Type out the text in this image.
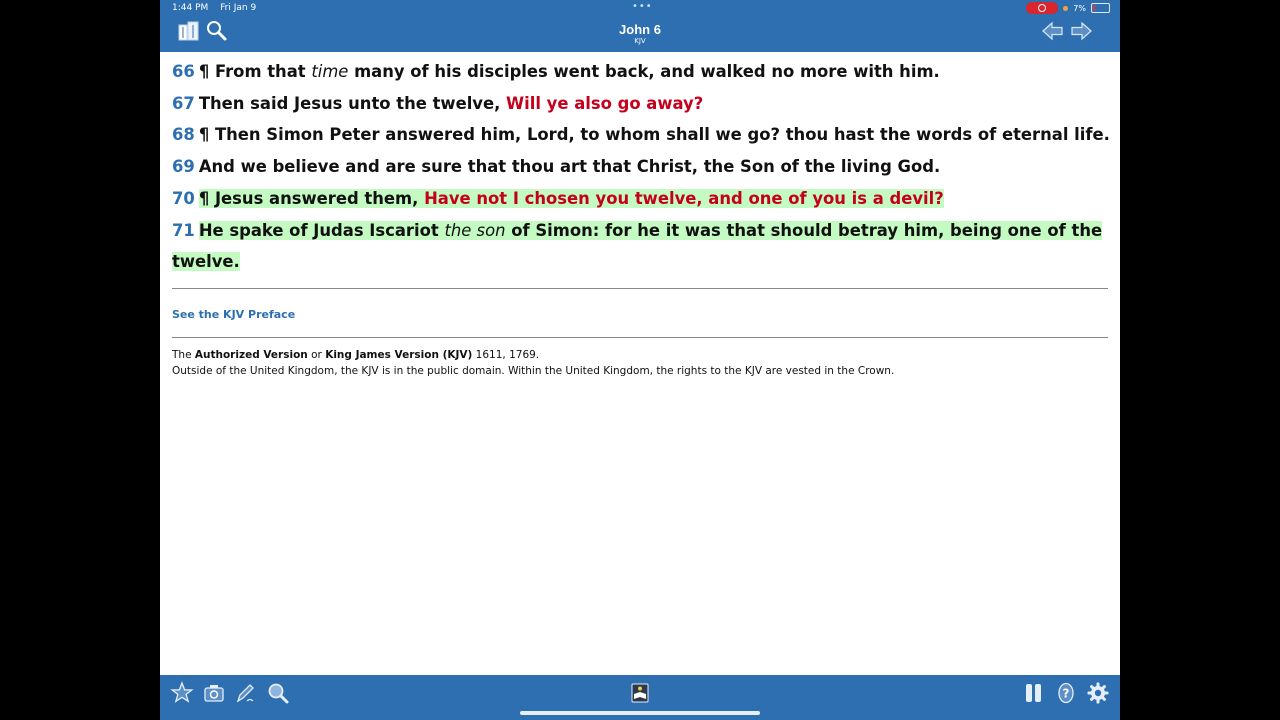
1:44 PM Fri Jan 9	•••	7%
John 6
KJV
66 ¶ From that time many of his disciples went back, and walked no more with him.
67 Then said Jesus unto the twelve, Will ye also go away?
68 ¶ Then Simon Peter answered him, Lord, to whom shall we go? thou hast the words of eternal life.
69 And we believe and are sure that thou art that Christ, the Son of the living God.
70 ¶ Jesus answered them, Have not I chosen you twelve, and one of you is a devil?
71 He spake of Judas Iscariot the son of Simon: for he it was that should betray him, being one of the
twelve.
See the KJV Preface
The Authorized Version or King James Version (KJV) 1611, 1769.
Outside of the United Kingdom, the KJV is in the public domain. Within the United Kingdom, the rights to the KJV are vested in the Crown.
?
